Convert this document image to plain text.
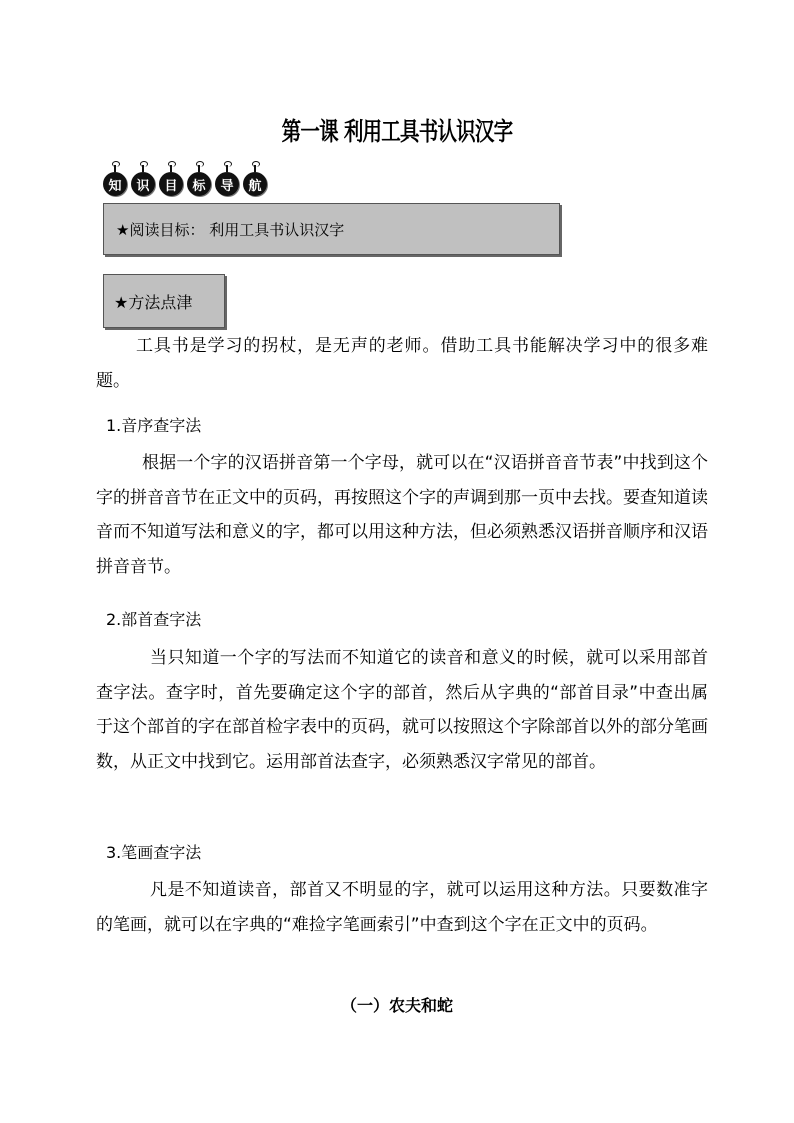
第一课 利用工具书认识汉字
知	识	目	标	导	航
★阅读目标： 利用工具书认识汉字
★方法点津
工具书是学习的拐杖，是无声的老师。借助工具书能解决学习中的很多难题。
1.音序查字法
根据一个字的汉语拼音第一个字母，就可以在“汉语拼音音节表”中找到这个字的拼音音节在正文中的页码，再按照这个字的声调到那一页中去找。要查知道读音而不知道写法和意义的字，都可以用这种方法，但必须熟悉汉语拼音顺序和汉语拼音音节。
2.部首查字法
当只知道一个字的写法而不知道它的读音和意义的时候，就可以采用部首查字法。查字时，首先要确定这个字的部首，然后从字典的“部首目录”中查出属于这个部首的字在部首检字表中的页码，就可以按照这个字除部首以外的部分笔画数，从正文中找到它。运用部首法查字，必须熟悉汉字常见的部首。
3.笔画查字法
凡是不知道读音，部首又不明显的字，就可以运用这种方法。只要数准字的笔画，就可以在字典的“难捡字笔画索引”中查到这个字在正文中的页码。
（一）农夫和蛇
